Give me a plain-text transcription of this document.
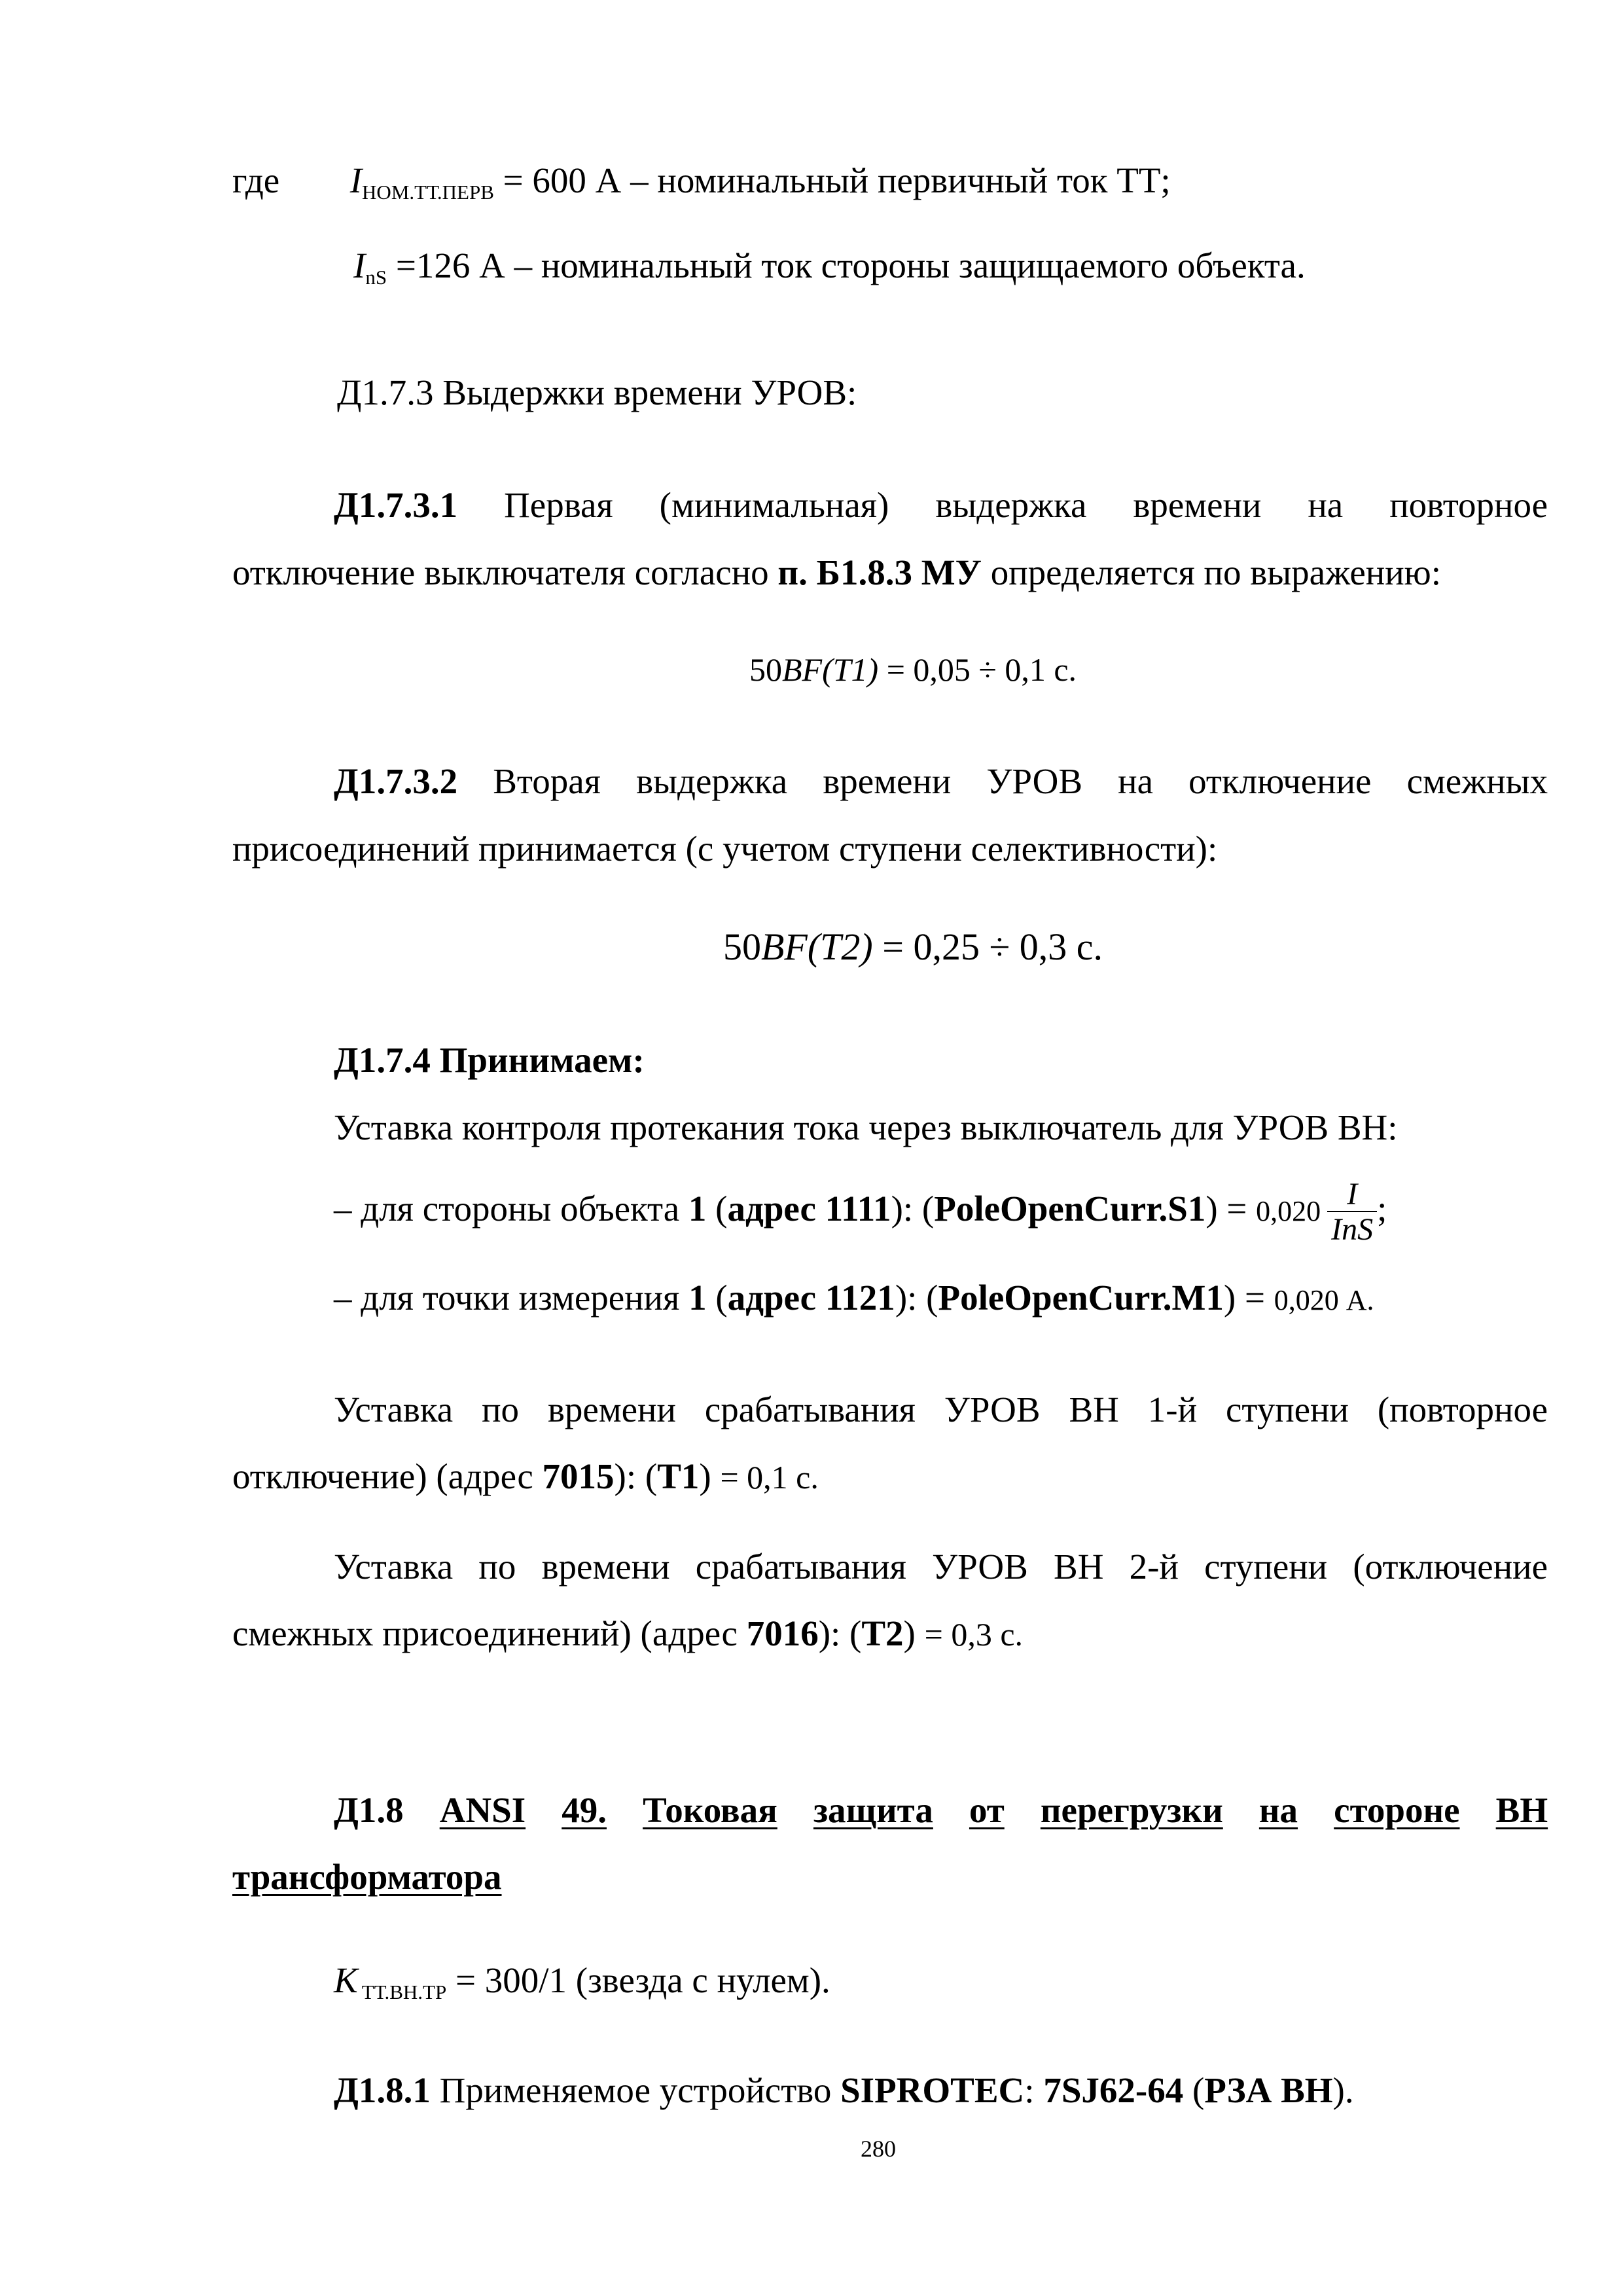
где $I_{НОМ.ТТ.ПЕРВ} = 600$ А – номинальный первичный ток ТТ;
$I_{nS} =126$ А – номинальный ток стороны защищаемого объекта.
Д1.7.3 Выдержки времени УРОВ:
Д1.7.3.1 Первая (минимальная) выдержка времени на повторное
отключение выключателя согласно п. Б1.8.3 МУ определяется по выражению:
50BF(T1) = 0,05 ÷ 0,1 с.
Д1.7.3.2 Вторая выдержка времени УРОВ на отключение смежных
присоединений принимается (с учетом ступени селективности):
50BF(T2) = 0,25 ÷ 0,3 с.
Д1.7.4 Принимаем:
Уставка контроля протекания тока через выключатель для УРОВ ВН:
– для стороны объекта 1 (адрес 1111): (PoleOpenCurr.S1) = $0,020 \frac{I}{\text{InS}}$ ;
– для точки измерения 1 (адрес 1121): (PoleOpenCurr.M1) = 0,020 А.
Уставка по времени срабатывания УРОВ ВН 1-й ступени (повторное
отключение) (адрес 7015): (T1) = 0,1 с.
Уставка по времени срабатывания УРОВ ВН 2-й ступени (отключение
смежных присоединений) (адрес 7016): (T2) = 0,3 с.
Д1.8 ANSI 49. Токовая защита от перегрузки на стороне ВН
трансформатора
K $_{ТТ.ВН.ТР}$ = 300/1 (звезда с нулем).
Д1.8.1 Применяемое устройство SIPROTEC: 7SJ62-64 (РЗА ВН).
280
